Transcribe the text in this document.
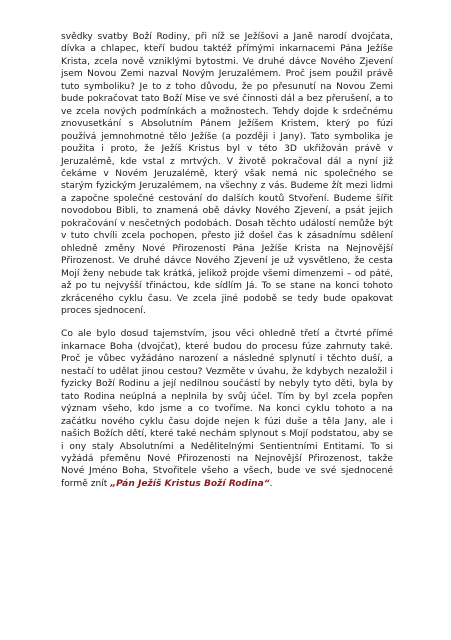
svědky svatby Boží Rodiny, při níž se Ježíšovi a Janě narodí dvojčata, dívka a chlapec, kteří budou taktéž přímými inkarnacemi Pána Ježíše Krista, zcela nově vzniklými bytostmi. Ve druhé dávce Nového Zjevení jsem Novou Zemi nazval Novým Jeruzalémem. Proč jsem použil právě tuto symboliku? Je to z toho důvodu, že po přesunutí na Novou Zemi bude pokračovat tato Boží Mise ve své činnosti dál a bez přerušení, a to ve zcela nových podmínkách a možnostech. Tehdy dojde k srdečnému znovusetkání s Absolutním Pánem Ježíšem Kristem, který po fúzi používá jemnohmotné tělo Ježíše (a později i Jany). Tato symbolika je použita i proto, že Ježíš Kristus byl v této 3D ukřižován právě v Jeruzalémě, kde vstal z mrtvých. V životě pokračoval dál a nyní již čekáme v Novém Jeruzalémě, který však nemá nic společného se starým fyzickým Jeruzalémem, na všechny z vás. Budeme žít mezi lidmi a započne společné cestování do dalších koutů Stvoření. Budeme šířit novodobou Bibli, to znamená obě dávky Nového Zjevení, a psát jejich pokračování v nesčetných podobách. Dosah těchto událostí nemůže být v tuto chvíli zcela pochopen, přesto již došel čas k zásadnímu sdělení ohledně změny Nové Přirozenosti Pána Ježíše Krista na Nejnovější Přirozenost. Ve druhé dávce Nového Zjevení je už vysvětleno, že cesta Mojí ženy nebude tak krátká, jelikož projde všemi dimenzemi – od páté, až po tu nejvyšší třináctou, kde sídlím Já. To se stane na konci tohoto zkráceného cyklu času. Ve zcela jiné podobě se tedy bude opakovat proces sjednocení.

Co ale bylo dosud tajemstvím, jsou věci ohledně třetí a čtvrté přímé inkarnace Boha (dvojčat), které budou do procesu fúze zahrnuty také. Proč je vůbec vyžádáno narození a následné splynutí i těchto duší, a nestačí to udělat jinou cestou? Vezměte v úvahu, že kdybych nezaložil i fyzicky Boží Rodinu a její nedílnou součástí by nebyly tyto děti, byla by tato Rodina neúplná a neplnila by svůj účel. Tím by byl zcela popřen význam všeho, kdo jsme a co tvoříme. Na konci cyklu tohoto a na začátku nového cyklu času dojde nejen k fúzi duše a těla Jany, ale i našich Božích dětí, které také nechám splynout s Mojí podstatou, aby se i ony staly Absolutními a Nedělitelnými Sentientními Entitami. To si vyžádá přeměnu Nové Přirozenosti na Nejnovější Přirozenost, takže Nové Jméno Boha, Stvořitele všeho a všech, bude ve své sjednocené formě znít „Pán Ježíš Kristus Boží Rodina“.
